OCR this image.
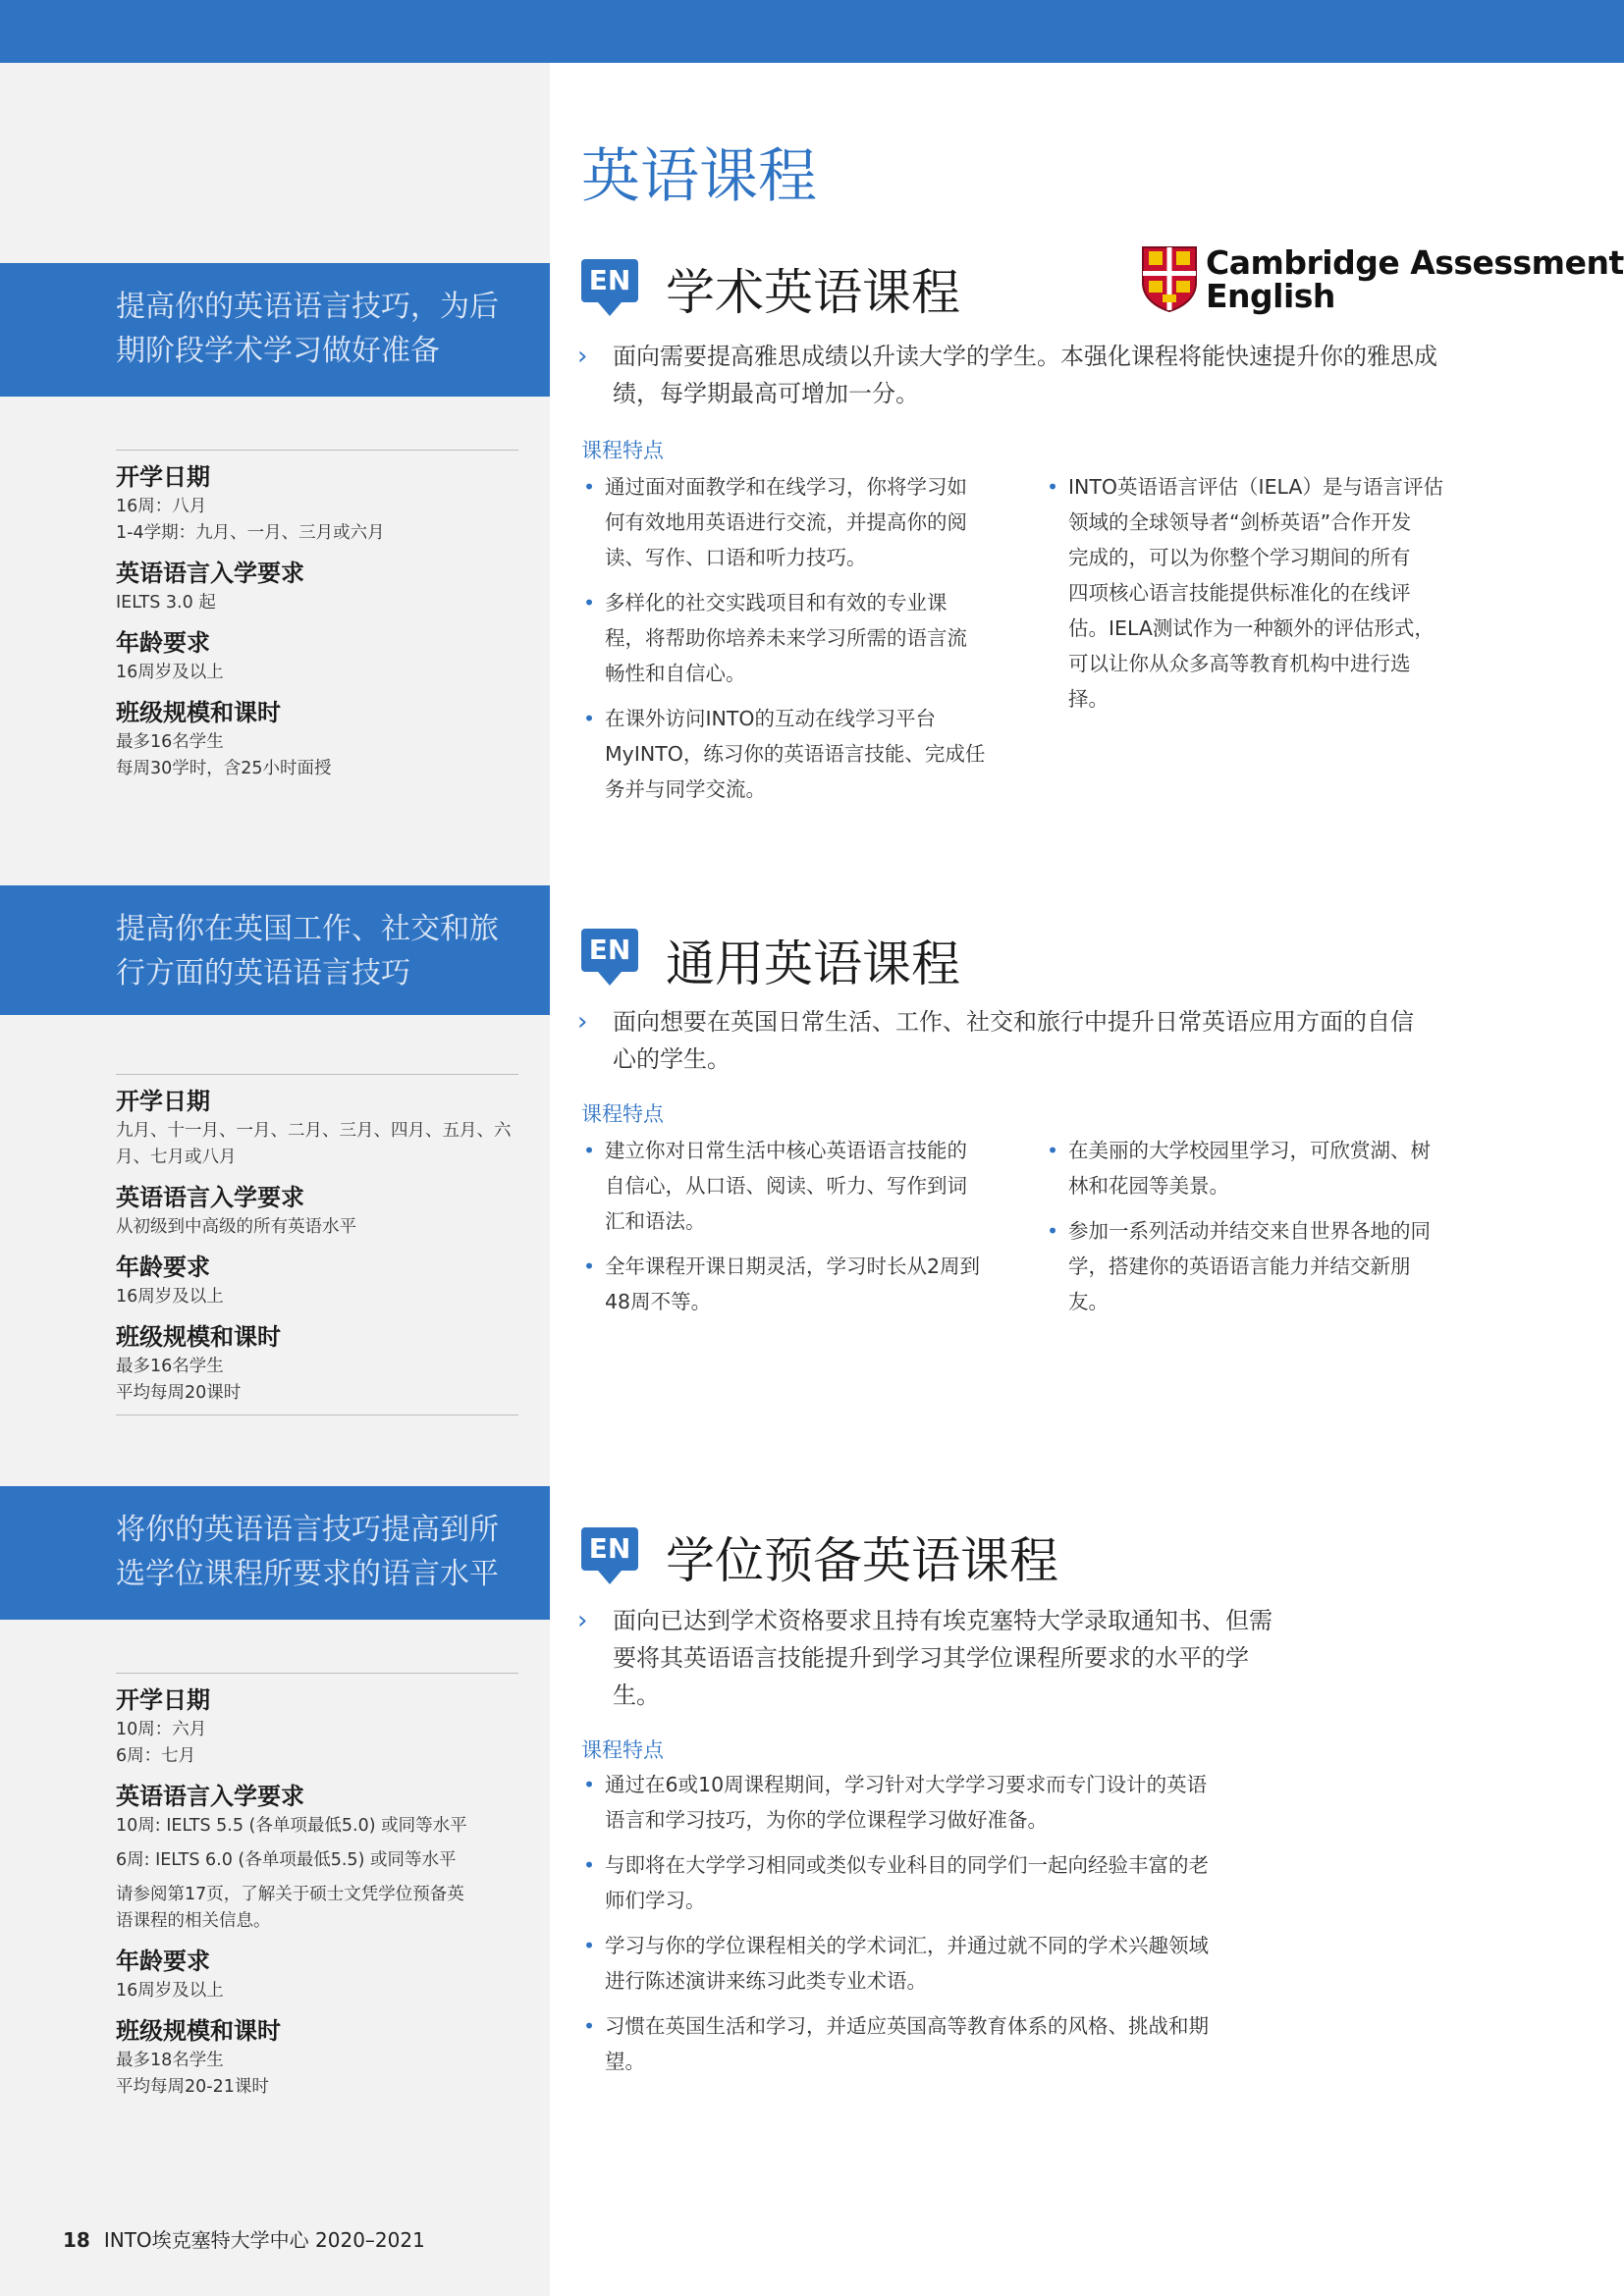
英语课程
Cambridge Assessment
English
提高你的英语语言技巧，为后
期阶段学术学习做好准备
开学日期
16周：八月
1-4学期：九月、一月、三月或六月
英语语言入学要求
IELTS 3.0 起
年龄要求
16周岁及以上
班级规模和课时
最多16名学生
每周30学时，含25小时面授
EN 学术英语课程
› 面向需要提高雅思成绩以升读大学的学生。本强化课程将能快速提升你的雅思成
绩，每学期最高可增加一分。
课程特点
• 通过面对面教学和在线学习，你将学习如
何有效地用英语进行交流，并提高你的阅
读、写作、口语和听力技巧。
• 多样化的社交实践项目和有效的专业课
程，将帮助你培养未来学习所需的语言流
畅性和自信心。
• 在课外访问INTO的互动在线学习平台
MyINTO，练习你的英语语言技能、完成任
务并与同学交流。
• INTO英语语言评估（IELA）是与语言评估
领域的全球领导者“剑桥英语”合作开发
完成的，可以为你整个学习期间的所有
四项核心语言技能提供标准化的在线评
估。IELA测试作为一种额外的评估形式，
可以让你从众多高等教育机构中进行选
择。
提高你在英国工作、社交和旅
行方面的英语语言技巧
开学日期
九月、十一月、一月、二月、三月、四月、五月、六
月、七月或八月
英语语言入学要求
从初级到中高级的所有英语水平
年龄要求
16周岁及以上
班级规模和课时
最多16名学生
平均每周20课时
EN 通用英语课程
› 面向想要在英国日常生活、工作、社交和旅行中提升日常英语应用方面的自信
心的学生。
课程特点
• 建立你对日常生活中核心英语语言技能的
自信心，从口语、阅读、听力、写作到词
汇和语法。
• 全年课程开课日期灵活，学习时长从2周到
48周不等。
• 在美丽的大学校园里学习，可欣赏湖、树
林和花园等美景。
• 参加一系列活动并结交来自世界各地的同
学，搭建你的英语语言能力并结交新朋
友。
将你的英语语言技巧提高到所
选学位课程所要求的语言水平
开学日期
10周：六月
6周：七月
英语语言入学要求
10周: IELTS 5.5 (各单项最低5.0) 或同等水平
6周: IELTS 6.0 (各单项最低5.5) 或同等水平
请参阅第17页，了解关于硕士文凭学位预备英
语课程的相关信息。
年龄要求
16周岁及以上
班级规模和课时
最多18名学生
平均每周20-21课时
EN 学位预备英语课程
› 面向已达到学术资格要求且持有埃克塞特大学录取通知书、但需
要将其英语语言技能提升到学习其学位课程所要求的水平的学
生。
课程特点
• 通过在6或10周课程期间，学习针对大学学习要求而专门设计的英语
语言和学习技巧，为你的学位课程学习做好准备。
• 与即将在大学学习相同或类似专业科目的同学们一起向经验丰富的老
师们学习。
• 学习与你的学位课程相关的学术词汇，并通过就不同的学术兴趣领域
进行陈述演讲来练习此类专业术语。
• 习惯在英国生活和学习，并适应英国高等教育体系的风格、挑战和期
望。
18 INTO埃克塞特大学中心 2020–2021
